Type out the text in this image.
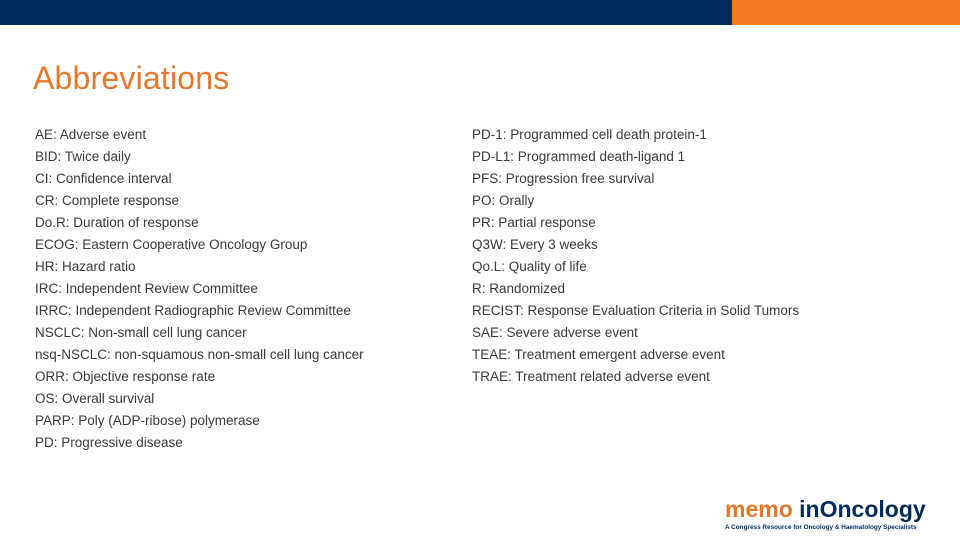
Abbreviations
AE: Adverse event
BID: Twice daily
CI: Confidence interval
CR: Complete response
Do.R: Duration of response
ECOG: Eastern Cooperative Oncology Group
HR: Hazard ratio
IRC: Independent Review Committee
IRRC: Independent Radiographic Review Committee
NSCLC: Non-small cell lung cancer
nsq-NSCLC: non-squamous non-small cell lung cancer
ORR: Objective response rate
OS: Overall survival
PARP: Poly (ADP-ribose) polymerase
PD: Progressive disease
PD-1: Programmed cell death protein-1
PD-L1: Programmed death-ligand 1
PFS: Progression free survival
PO: Orally
PR: Partial response
Q3W: Every 3 weeks
Qo.L: Quality of life
R: Randomized
RECIST: Response Evaluation Criteria in Solid Tumors
SAE: Severe adverse event
TEAE: Treatment emergent adverse event
TRAE: Treatment related adverse event
memo inOncology
A Congress Resource for Oncology & Haematology Specialists
